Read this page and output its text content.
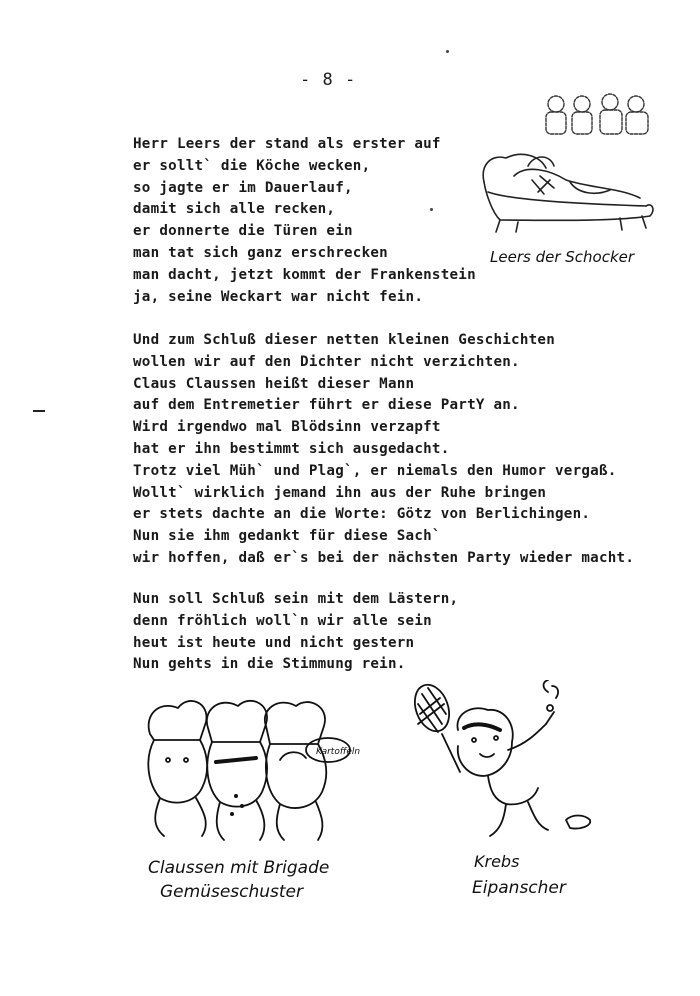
- 8 -
Herr Leers der stand als erster auf
er sollt` die Köche wecken,
so jagte er im Dauerlauf,
damit sich alle recken,
er donnerte die Türen ein
man tat sich ganz erschrecken
man dacht, jetzt kommt der Frankenstein
ja, seine Weckart war nicht fein.
Und zum Schluß dieser netten kleinen Geschichten
wollen wir auf den Dichter nicht verzichten.
Claus Claussen heißt dieser Mann
auf dem Entremetier führt er diese PartY an.
Wird irgendwo mal Blödsinn verzapft
hat er ihn bestimmt sich ausgedacht.
Trotz viel Müh` und Plag`, er niemals den Humor vergaß.
Wollt` wirklich jemand ihn aus der Ruhe bringen
er stets dachte an die Worte: Götz von Berlichingen.
Nun sie ihm gedankt für diese Sach`
wir hoffen, daß er`s bei der nächsten Party wieder macht.
Nun soll Schluß sein mit dem Lästern,
denn fröhlich woll`n wir alle sein
heut ist heute und nicht gestern
Nun gehts in die Stimmung rein.
Leers der Schocker
Kartoffeln
Claussen mit Brigade
Gemüseschuster
Krebs
Eipanscher
